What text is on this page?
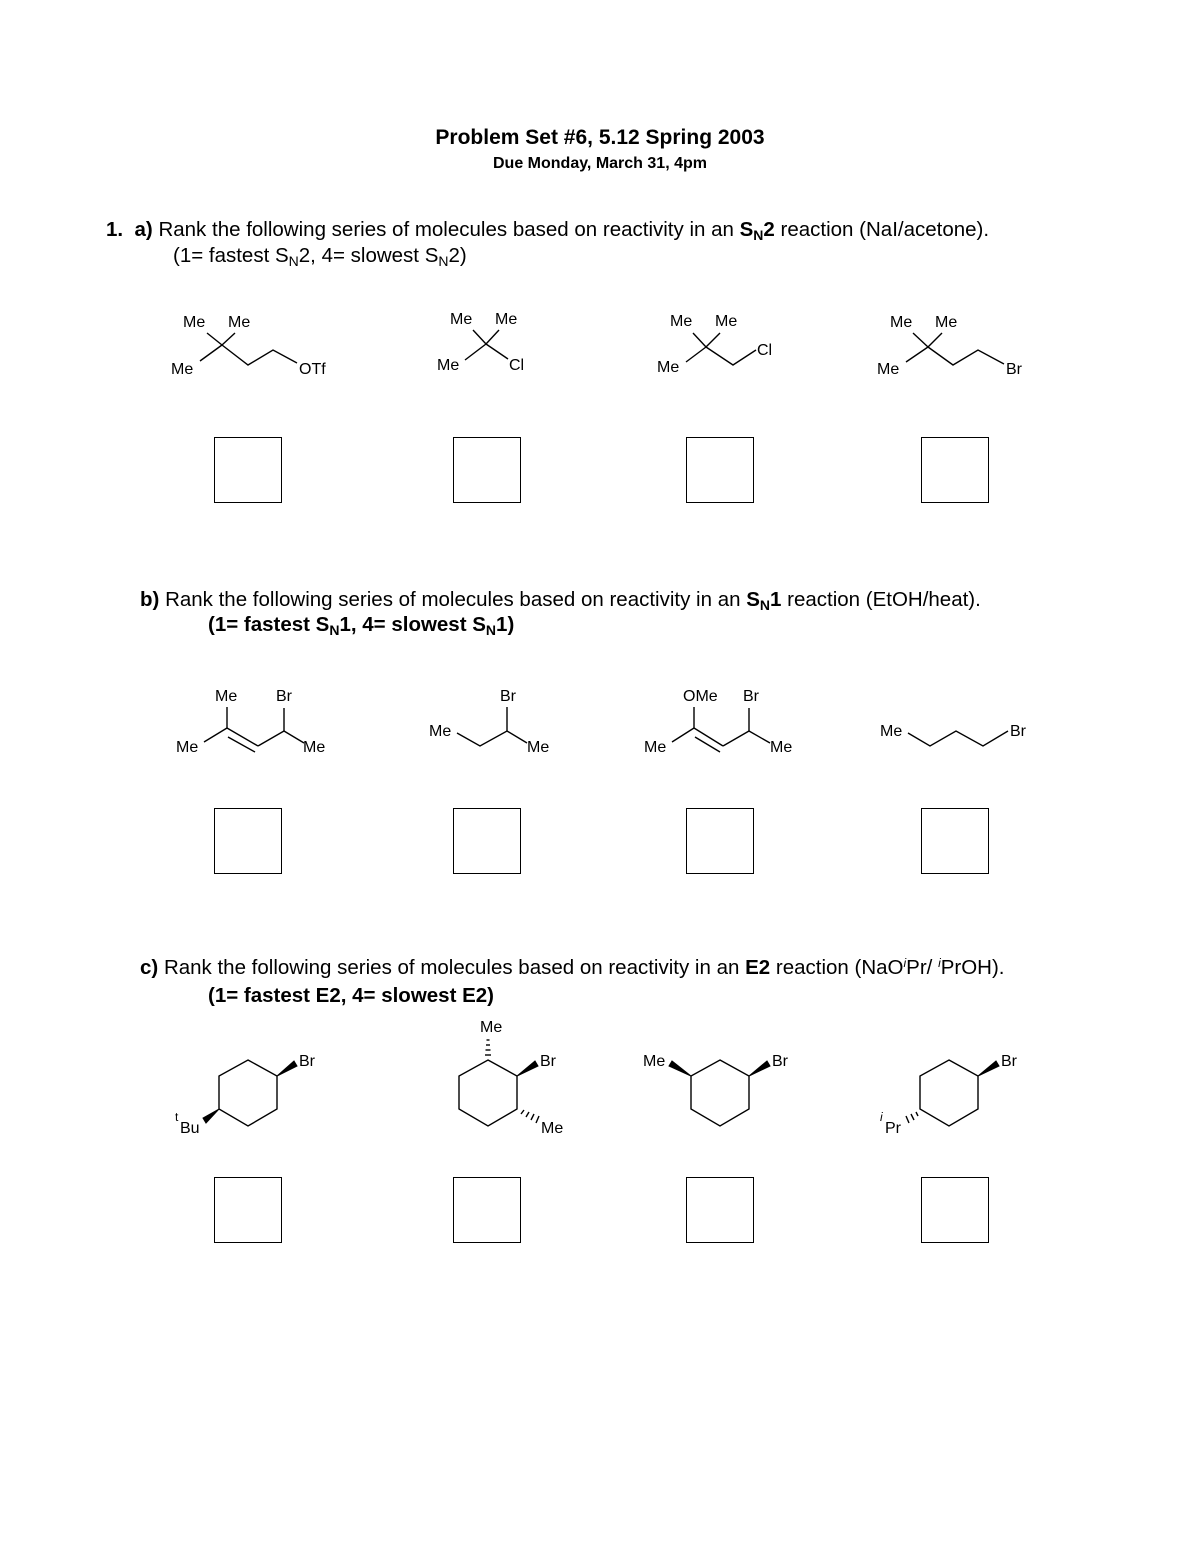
Problem Set #6, 5.12 Spring 2003
Due Monday, March 31, 4pm
1. a) Rank the following series of molecules based on reactivity in an $S_N2$ reaction (NaI/acetone).
(1= fastest $S_N2$, 4= slowest $S_N2$)
b) Rank the following series of molecules based on reactivity in an $S_N1$ reaction (EtOH/heat).
(1= fastest $S_N1$, 4= slowest $S_N1$)
c) Rank the following series of molecules based on reactivity in an E2 reaction (NaO$^i$Pr/ $^i$PrOH).
(1= fastest E2, 4= slowest E2)
Me Me
Me	OTf
Me Me
Me	Cl
Me Me
Me
Cl
Me Me
Me	Br
Me Br
Me	Me
Br
Me
Me
OMe Br
Me	Me
Me	Br
Br
t
Bu
Me
Br
Me
Me	Br	Br
i
Pr
